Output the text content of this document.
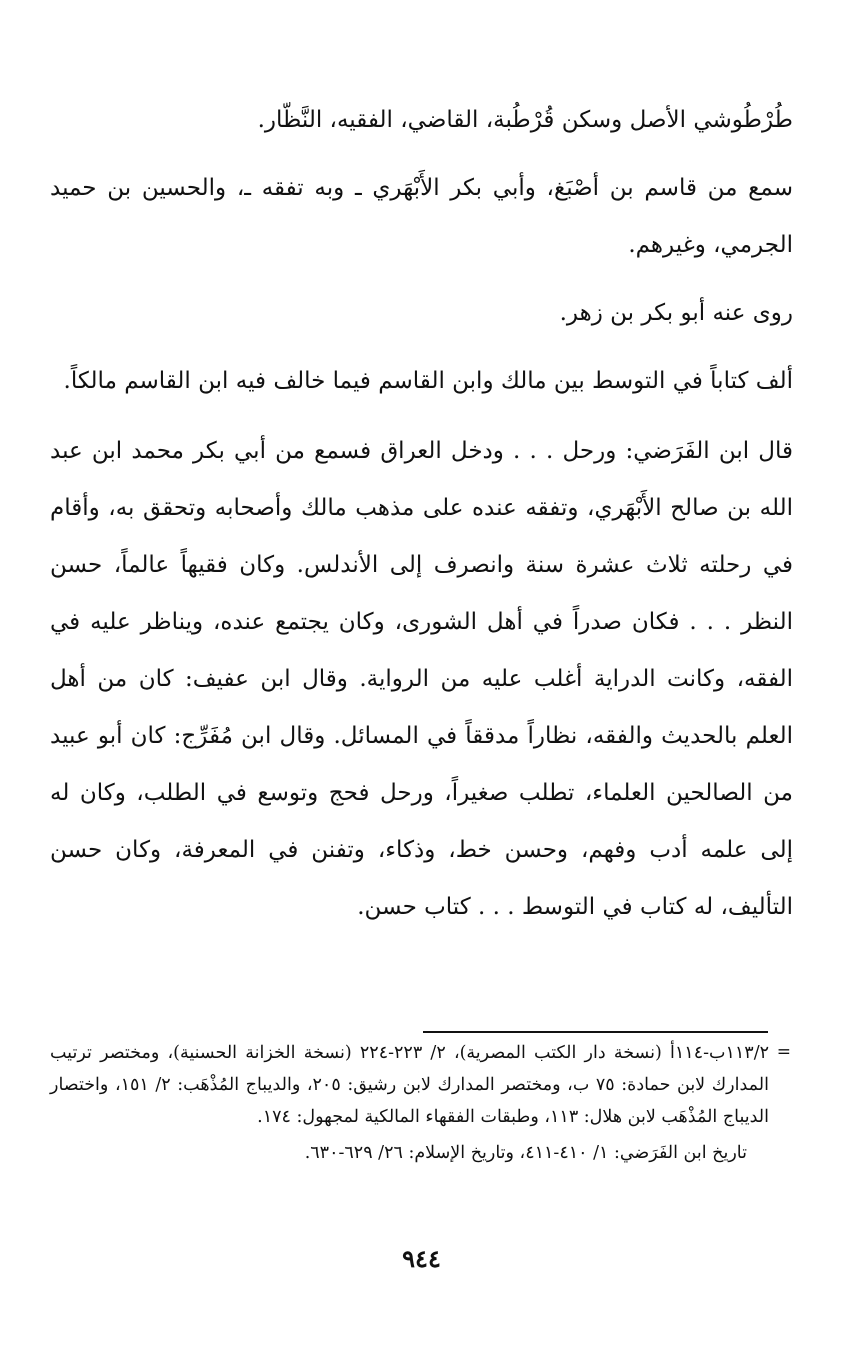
طُرْطُوشي الأصل وسكن قُرْطُبة، القاضي، الفقيه، النَّظّار.

سمع من قاسم بن أصْبَغ، وأبي بكر الأَبْهَري ـ وبه تفقه ـ، والحسين بن حميد الجرمي، وغيرهم.

روى عنه أبو بكر بن زهر.

ألف كتاباً في التوسط بين مالك وابن القاسم فيما خالف فيه ابن القاسم مالكاً.

قال ابن الفَرَضي: ورحل . . . ودخل العراق فسمع من أبي بكر محمد ابن عبد الله بن صالح الأَبْهَري، وتفقه عنده على مذهب مالك وأصحابه وتحقق به، وأقام في رحلته ثلاث عشرة سنة وانصرف إلى الأندلس. وكان فقيهاً عالماً، حسن النظر . . . فكان صدراً في أهل الشورى، وكان يجتمع عنده، ويناظر عليه في الفقه، وكانت الدراية أغلب عليه من الرواية. وقال ابن عفيف: كان من أهل العلم بالحديث والفقه، نظاراً مدققاً في المسائل. وقال ابن مُفَرِّج: كان أبو عبيد من الصالحين العلماء، تطلب صغيراً، ورحل فحج وتوسع في الطلب، وكان له إلى علمه أدب وفهم، وحسن خط، وذكاء، وتفنن في المعرفة، وكان حسن التأليف، له كتاب في التوسط . . . كتاب حسن.

=

١١٣/٢ب-١١٤أ (نسخة دار الكتب المصرية)، ٢/ ٢٢٣-٢٢٤ (نسخة الخزانة الحسنية)، ومختصر ترتيب المدارك لابن حمادة: ٧٥ ب، ومختصر المدارك لابن رشيق: ٢٠٥، والديباج المُذْهَب: ٢/ ١٥١، واختصار الديباج المُذْهَب لابن هلال: ١١٣، وطبقات الفقهاء المالكية لمجهول: ١٧٤.

تاريخ ابن الفَرَضي: ١/ ٤١٠-٤١١، وتاريخ الإسلام: ٢٦/ ٦٢٩-٦٣٠.

٩٤٤
